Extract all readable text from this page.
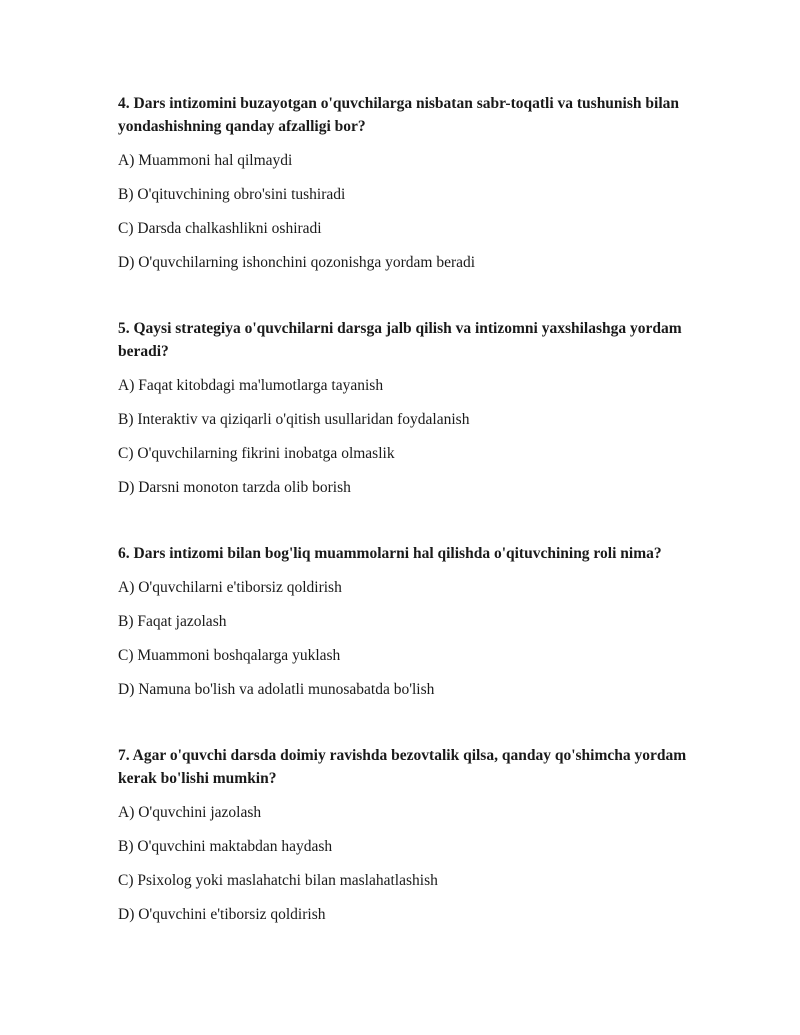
4. Dars intizomini buzayotgan o'quvchilarga nisbatan sabr-toqatli va tushunish bilan yondashishning qanday afzalligi bor?
A) Muammoni hal qilmaydi
B) O'qituvchining obro'sini tushiradi
C) Darsda chalkashlikni oshiradi
D) O'quvchilarning ishonchini qozonishga yordam beradi
5. Qaysi strategiya o'quvchilarni darsga jalb qilish va intizomni yaxshilashga yordam beradi?
A) Faqat kitobdagi ma'lumotlarga tayanish
B) Interaktiv va qiziqarli o'qitish usullaridan foydalanish
C) O'quvchilarning fikrini inobatga olmaslik
D) Darsni monoton tarzda olib borish
6. Dars intizomi bilan bog'liq muammolarni hal qilishda o'qituvchining roli nima?
A) O'quvchilarni e'tiborsiz qoldirish
B) Faqat jazolash
C) Muammoni boshqalarga yuklash
D) Namuna bo'lish va adolatli munosabatda bo'lish
7. Agar o'quvchi darsda doimiy ravishda bezovtalik qilsa, qanday qo'shimcha yordam kerak bo'lishi mumkin?
A) O'quvchini jazolash
B) O'quvchini maktabdan haydash
C) Psixolog yoki maslahatchi bilan maslahatlashish
D) O'quvchini e'tiborsiz qoldirish
